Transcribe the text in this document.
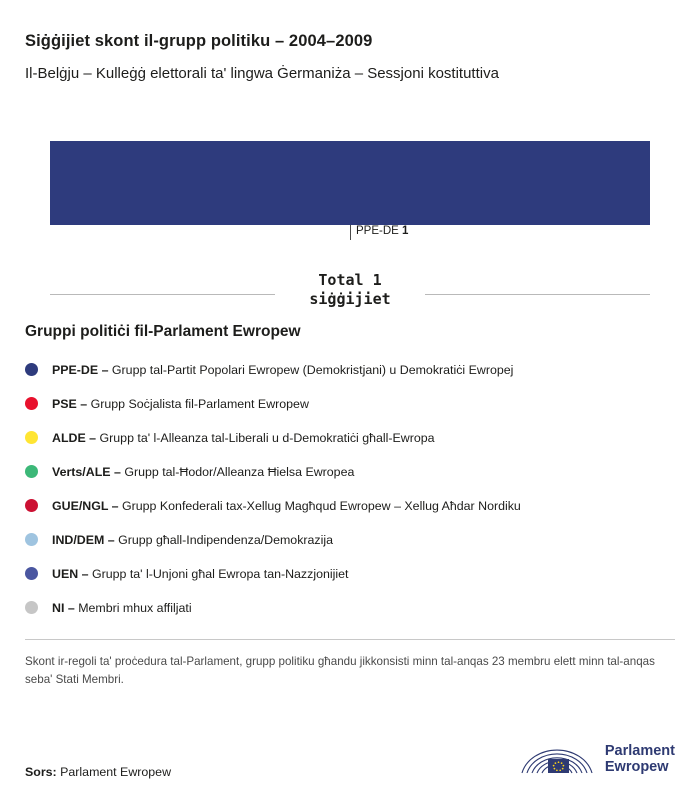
Siġġijiet skont il-grupp politiku – 2004–2009
Il-Belġju – Kulleġġ elettorali ta' lingwa Ġermaniża – Sessjoni kostituttiva
PPE-DE 1
Total 1
siġġijiet
Gruppi politiċi fil-Parlament Ewropew
PPE-DE – Grupp tal-Partit Popolari Ewropew (Demokristjani) u Demokratiċi Ewropej
PSE – Grupp Soċjalista fil-Parlament Ewropew
ALDE – Grupp ta' l-Alleanza tal-Liberali u d-Demokratiċi għall-Ewropa
Verts/ALE – Grupp tal-Ħodor/Alleanza Ħielsa Ewropea
GUE/NGL – Grupp Konfederali tax-Xellug Magħqud Ewropew – Xellug Aħdar Nordiku
IND/DEM – Grupp għall-Indipendenza/Demokrazija
UEN – Grupp ta' l-Unjoni għal Ewropa tan-Nazzjonijiet
NI – Membri mhux affiljati
Skont ir-regoli ta' proċedura tal-Parlament, grupp politiku għandu jikkonsisti minn tal-anqas 23 membru elett minn tal-anqas seba' Stati Membri.
Sors: Parlament Ewropew
Parlament
Ewropew
